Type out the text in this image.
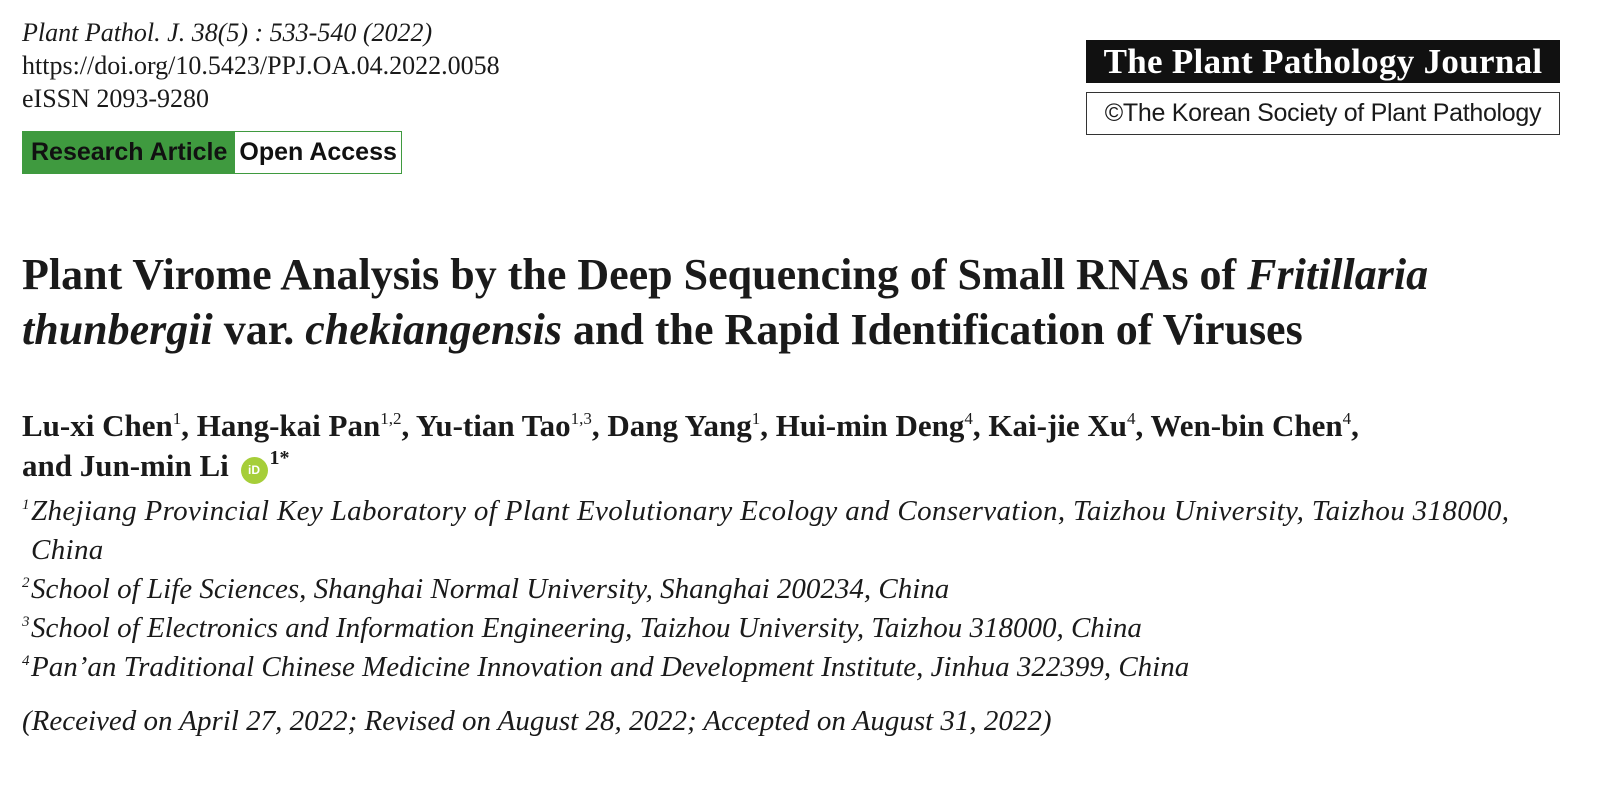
Plant Pathol. J. 38(5) : 533-540 (2022)
https://doi.org/10.5423/PPJ.OA.04.2022.0058
eISSN 2093-9280
Research Article Open Access
The Plant Pathology Journal
©The Korean Society of Plant Pathology
Plant Virome Analysis by the Deep Sequencing of Small RNAs of Fritillaria thunbergii var. chekiangensis and the Rapid Identification of Viruses
Lu-xi Chen$^1$, Hang-kai Pan$^{1,2}$, Yu-tian Tao$^{1,3}$, Dang Yang$^1$, Hui-min Deng$^4$, Kai-jie Xu$^4$, Wen-bin Chen$^4$,
and Jun-min Li $iD^{1*}$
1 Zhejiang Provincial Key Laboratory of Plant Evolutionary Ecology and Conservation, Taizhou University, Taizhou 318000, China
2 School of Life Sciences, Shanghai Normal University, Shanghai 200234, China
3 School of Electronics and Information Engineering, Taizhou University, Taizhou 318000, China
4 Pan’an Traditional Chinese Medicine Innovation and Development Institute, Jinhua 322399, China
(Received on April 27, 2022; Revised on August 28, 2022; Accepted on August 31, 2022)
